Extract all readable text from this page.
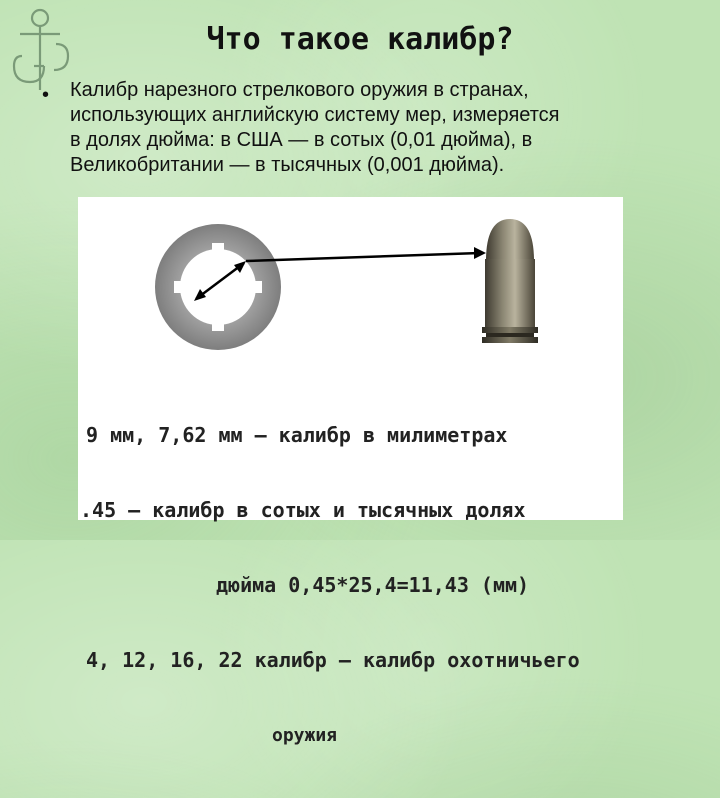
Что такое калибр?
• Калибр нарезного стрелкового оружия в странах,
использующих английскую систему мер, измеряется
в долях дюйма: в США — в сотых (0,01 дюйма), в
Великобритании — в тысячных (0,001 дюйма).

9 мм, 7,62 мм – калибр в милиметрах

.45 – калибр в сотых и тысячных долях

дюйма 0,45*25,4=11,43 (мм)

4, 12, 16, 22 калибр – калибр охотничьего

оружия
